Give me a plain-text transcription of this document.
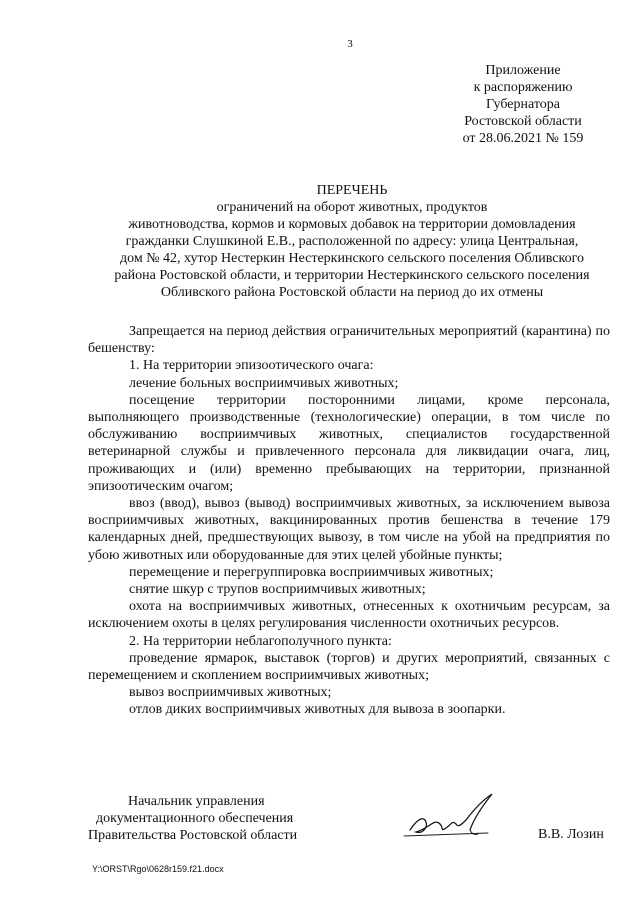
3
Приложение
к распоряжению
Губернатора
Ростовской области
от 28.06.2021 № 159
ПЕРЕЧЕНЬ
ограничений на оборот животных, продуктов
животноводства, кормов и кормовых добавок на территории домовладения
гражданки Слушкиной Е.В., расположенной по адресу: улица Центральная,
дом № 42, хутор Нестеркин Нестеркинского сельского поселения Обливского
района Ростовской области, и территории Нестеркинского сельского поселения
Обливского района Ростовской области на период до их отмены

Запрещается на период действия ограничительных мероприятий (карантина) по бешенству:

1. На территории эпизоотического очага:

лечение больных восприимчивых животных;

посещение территории посторонними лицами, кроме персонала, выполняющего производственные (технологические) операции, в том числе по обслуживанию восприимчивых животных, специалистов государственной ветеринарной службы и привлеченного персонала для ликвидации очага, лиц, проживающих и (или) временно пребывающих на территории, признанной эпизоотическим очагом;

ввоз (ввод), вывоз (вывод) восприимчивых животных, за исключением вывоза восприимчивых животных, вакцинированных против бешенства в течение 179 календарных дней, предшествующих вывозу, в том числе на убой на предприятия по убою животных или оборудованные для этих целей убойные пункты;

перемещение и перегруппировка восприимчивых животных;

снятие шкур с трупов восприимчивых животных;

охота на восприимчивых животных, отнесенных к охотничьим ресурсам, за исключением охоты в целях регулирования численности охотничьих ресурсов.

2. На территории неблагополучного пункта:

проведение ярмарок, выставок (торгов) и других мероприятий, связанных с перемещением и скоплением восприимчивых животных;

вывоз восприимчивых животных;

отлов диких восприимчивых животных для вывоза в зоопарки.

Начальник управления
документационного обеспечения
Правительства Ростовской области	В.В. Лозин
Y:\ORST\Rgo\0628r159.f21.docx
